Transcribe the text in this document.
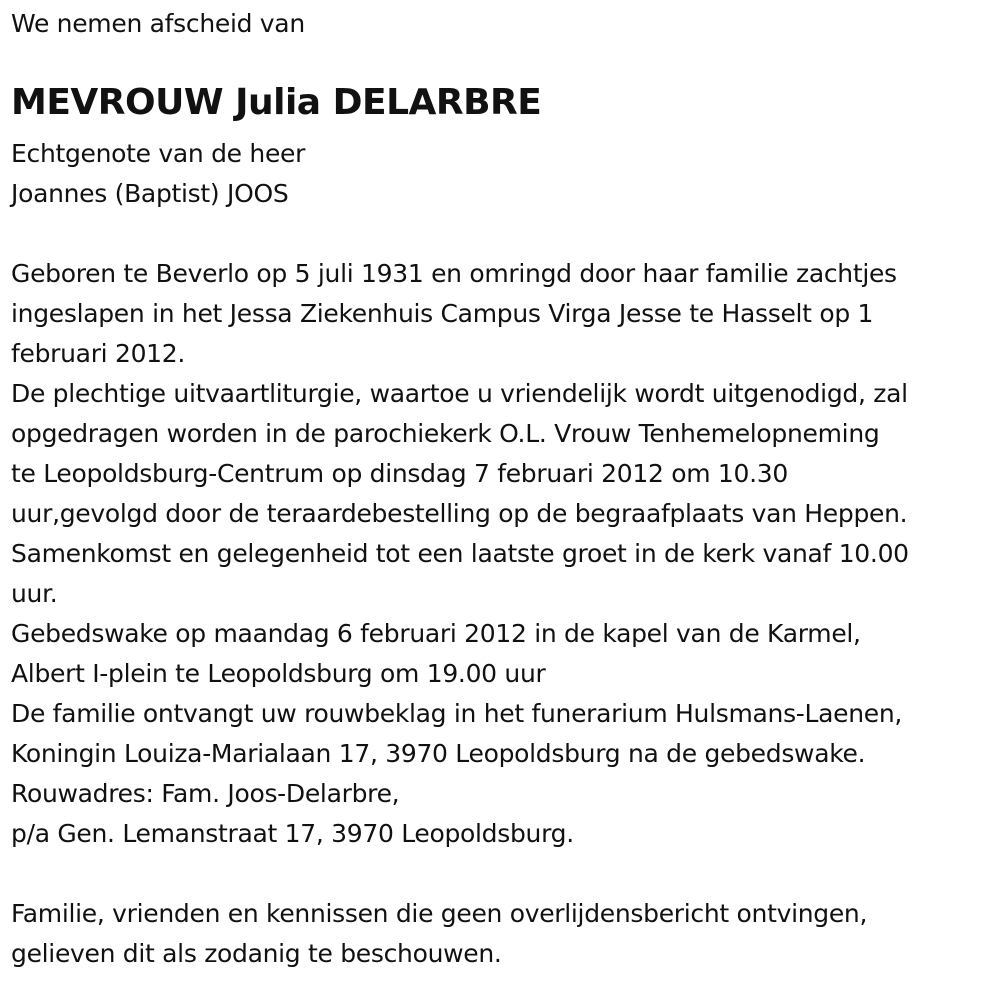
We nemen afscheid van
MEVROUW Julia DELARBRE
Echtgenote van de heer
Joannes (Baptist) JOOS
Geboren te Beverlo op 5 juli 1931 en omringd door haar familie zachtjes
ingeslapen in het Jessa Ziekenhuis Campus Virga Jesse te Hasselt op 1
februari 2012.
De plechtige uitvaartliturgie, waartoe u vriendelijk wordt uitgenodigd, zal
opgedragen worden in de parochiekerk O.L. Vrouw Tenhemelopneming
te Leopoldsburg-Centrum op dinsdag 7 februari 2012 om 10.30
uur,gevolgd door de teraardebestelling op de begraafplaats van Heppen.
Samenkomst en gelegenheid tot een laatste groet in de kerk vanaf 10.00
uur.
Gebedswake op maandag 6 februari 2012 in de kapel van de Karmel,
Albert I-plein te Leopoldsburg om 19.00 uur
De familie ontvangt uw rouwbeklag in het funerarium Hulsmans-Laenen,
Koningin Louiza-Marialaan 17, 3970 Leopoldsburg na de gebedswake.
Rouwadres: Fam. Joos-Delarbre,
p/a Gen. Lemanstraat 17, 3970 Leopoldsburg.
Familie, vrienden en kennissen die geen overlijdensbericht ontvingen,
gelieven dit als zodanig te beschouwen.
